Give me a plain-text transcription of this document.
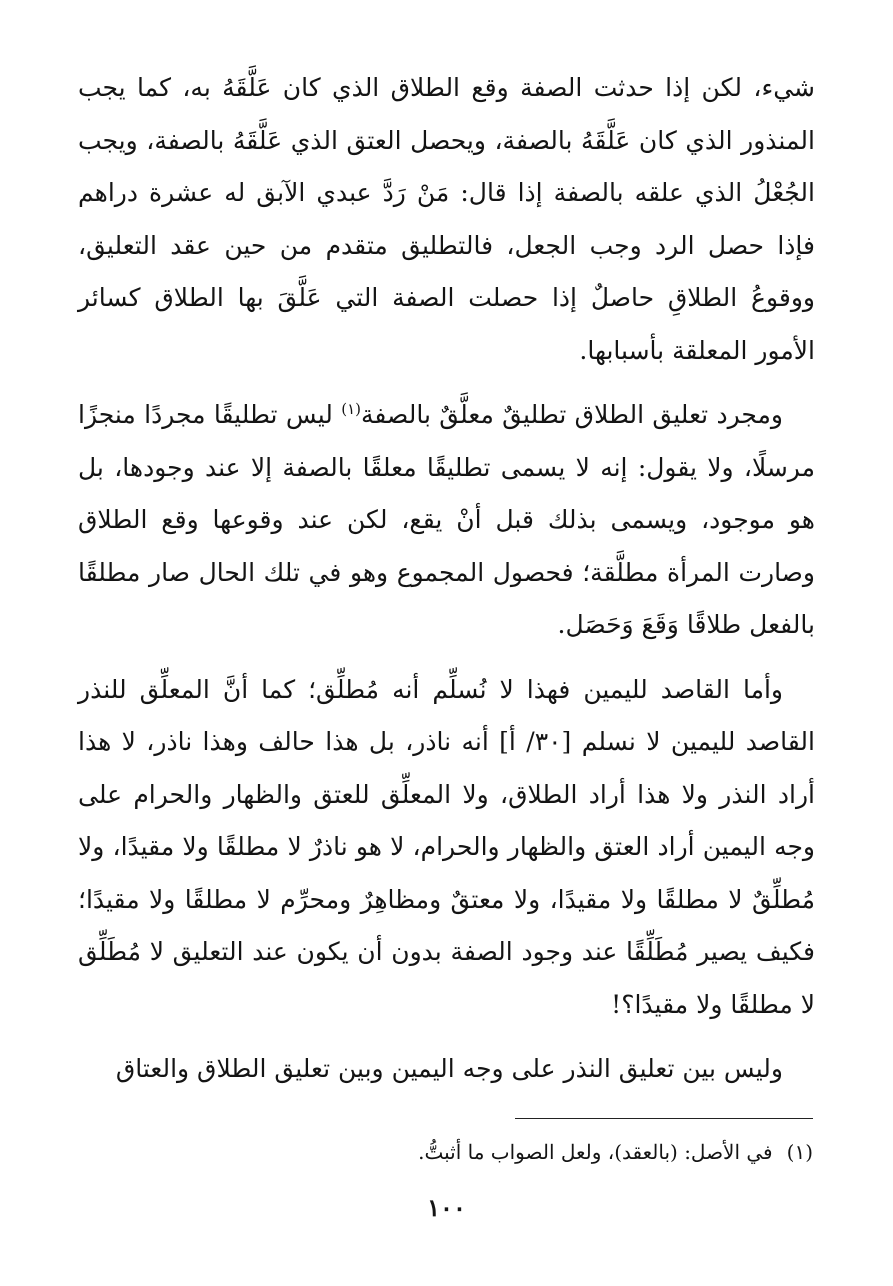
شيء، لكن إذا حدثت الصفة وقع الطلاق الذي كان عَلَّقَهُ به، كما يجب المنذور الذي كان عَلَّقَهُ بالصفة، ويحصل العتق الذي عَلَّقَهُ بالصفة، ويجب الجُعْلُ الذي علقه بالصفة إذا قال: مَنْ رَدَّ عبدي الآبق له عشرة دراهم فإذا حصل الرد وجب الجعل، فالتطليق متقدم من حين عقد التعليق، ووقوعُ الطلاقِ حاصلٌ إذا حصلت الصفة التي عَلَّقَ بها الطلاق كسائر الأمور المعلقة بأسبابها.

ومجرد تعليق الطلاق تطليقٌ معلَّقٌ بالصفة$^{(١)}$ ليس تطليقًا مجردًا منجزًا مرسلًا، ولا يقول: إنه لا يسمى تطليقًا معلقًا بالصفة إلا عند وجودها، بل هو موجود، ويسمى بذلك قبل أنْ يقع، لكن عند وقوعها وقع الطلاق وصارت المرأة مطلَّقة؛ فحصول المجموع وهو في تلك الحال صار مطلقًا بالفعل طلاقًا وَقَعَ وَحَصَل.

وأما القاصد لليمين فهذا لا نُسلِّم أنه مُطلِّق؛ كما أنَّ المعلِّق للنذر القاصد لليمين لا نسلم [٣٠/ أ] أنه ناذر، بل هذا حالف وهذا ناذر، لا هذا أراد النذر ولا هذا أراد الطلاق، ولا المعلِّق للعتق والظهار والحرام على وجه اليمين أراد العتق والظهار والحرام، لا هو ناذرٌ لا مطلقًا ولا مقيدًا، ولا مُطلِّقٌ لا مطلقًا ولا مقيدًا، ولا معتقٌ ومظاهِرٌ ومحرِّم لا مطلقًا ولا مقيدًا؛ فكيف يصير مُطَلِّقًا عند وجود الصفة بدون أن يكون عند التعليق لا مُطَلِّق لا مطلقًا ولا مقيدًا؟!

وليس بين تعليق النذر على وجه اليمين وبين تعليق الطلاق والعتاق

(١)في الأصل: (بالعقد)، ولعل الصواب ما أثبتُّ.
١٠٠
